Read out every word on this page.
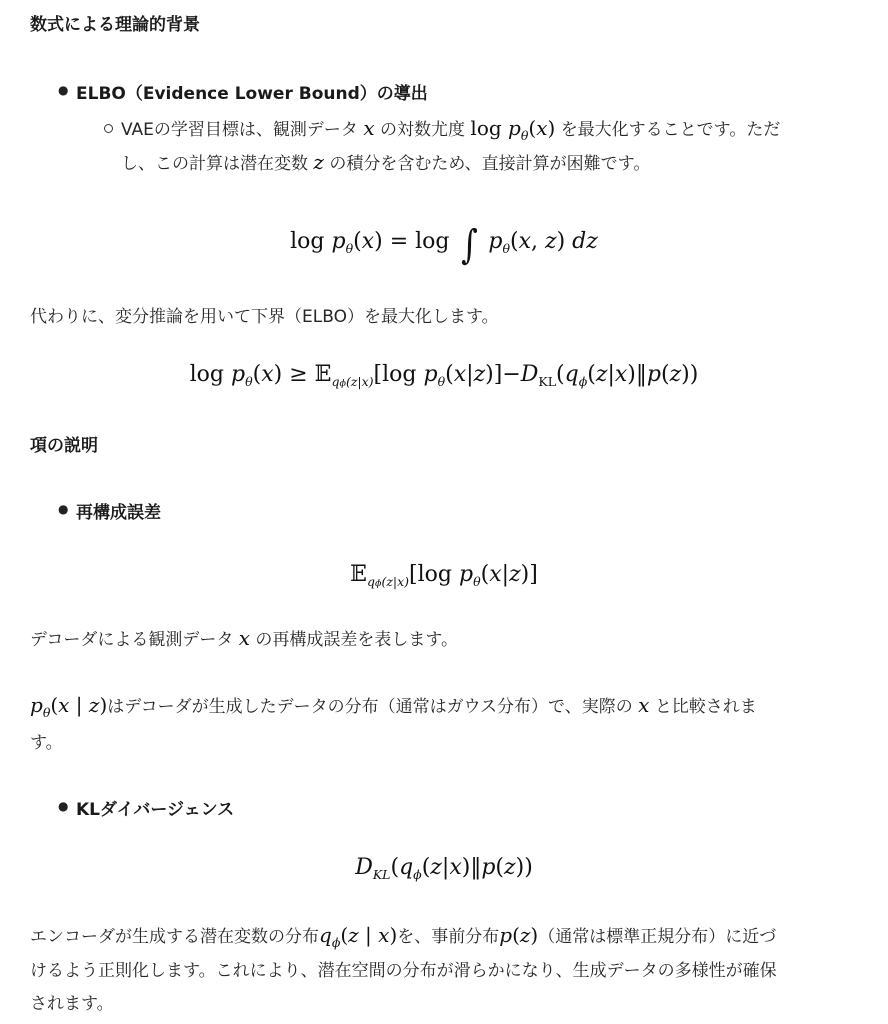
数式による理論的背景
● ELBO（Evidence Lower Bound）の導出
VAEの学習目標は、観測データ x の対数尤度 $\log p_\theta(x)$ を最大化することです。ただ
し、この計算は潜在変数 z の積分を含むため、直接計算が困難です。
$\log p_\theta(x) = \log$ ∫ $p_\theta(x$, z) dz
代わりに、変分推論を用いて下界（ELBO）を最大化します。
$\log p_\theta(x)$ ≥ 𝔼$_{q\phi(z|x)}$[log $p_\theta(x|z)]-D_{KL}(q_\phi(z|x)‖p(z))$
項の説明
● 再構成誤差
𝔼$_{q\phi(z|x)}$[log $p_\theta(x|z)$]
デコーダによる観測データ x の再構成誤差を表します。
$p_\theta(x$ | z)はデコーダが生成したデータの分布（通常はガウス分布）で、実際の x と比較されま
す。
● KLダイバージェンス
$D_{KL}(q_\phi(z|x)‖p(z))$
エンコーダが生成する潜在変数の分布$q_\phi(z$ | x)を、事前分布p(z)（通常は標準正規分布）に近づ
けるよう正則化します。これにより、潜在空間の分布が滑らかになり、生成データの多様性が確保
されます。
